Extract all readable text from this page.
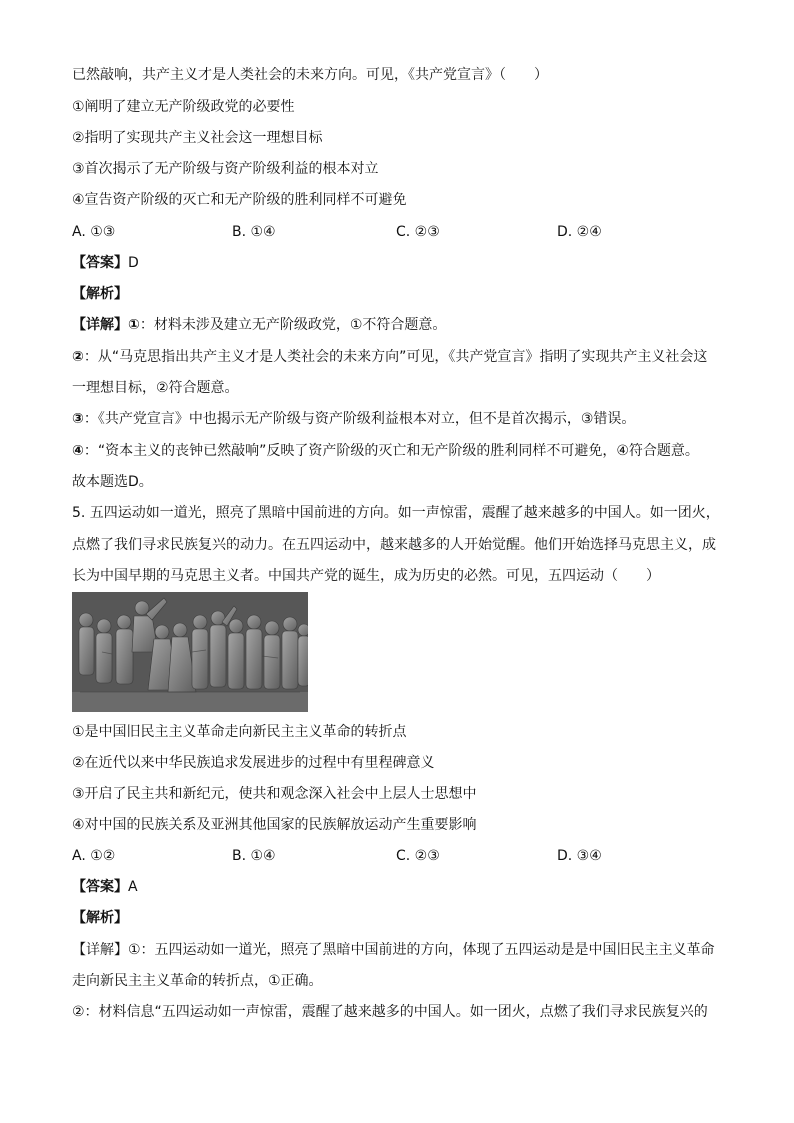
已然敲响，共产主义才是人类社会的未来方向。可见，《共产党宣言》（　　）
①阐明了建立无产阶级政党的必要性
②指明了实现共产主义社会这一理想目标
③首次揭示了无产阶级与资产阶级利益的根本对立
④宣告资产阶级的灭亡和无产阶级的胜利同样不可避免
A. ①③	B. ①④	C. ②③	D. ②④
【答案】D
【解析】
【详解】①：材料未涉及建立无产阶级政党，①不符合题意。
②：从“马克思指出共产主义才是人类社会的未来方向”可见，《共产党宣言》指明了实现共产主义社会这
一理想目标，②符合题意。
③：《共产党宣言》中也揭示无产阶级与资产阶级利益根本对立，但不是首次揭示，③错误。
④：“资本主义的丧钟已然敲响”反映了资产阶级的灭亡和无产阶级的胜利同样不可避免，④符合题意。
故本题选D。
5. 五四运动如一道光，照亮了黑暗中国前进的方向。如一声惊雷，震醒了越来越多的中国人。如一团火，
点燃了我们寻求民族复兴的动力。在五四运动中，越来越多的人开始觉醒。他们开始选择马克思主义，成
长为中国早期的马克思主义者。中国共产党的诞生，成为历史的必然。可见，五四运动（　　）
①是中国旧民主主义革命走向新民主主义革命的转折点
②在近代以来中华民族追求发展进步的过程中有里程碑意义
③开启了民主共和新纪元，使共和观念深入社会中上层人士思想中
④对中国的民族关系及亚洲其他国家的民族解放运动产生重要影响
A. ①②	B. ①④	C. ②③	D. ③④
【答案】A
【解析】
【详解】①：五四运动如一道光，照亮了黑暗中国前进的方向，体现了五四运动是是中国旧民主主义革命
走向新民主主义革命的转折点，①正确。
②：材料信息“五四运动如一声惊雷，震醒了越来越多的中国人。如一团火，点燃了我们寻求民族复兴的
